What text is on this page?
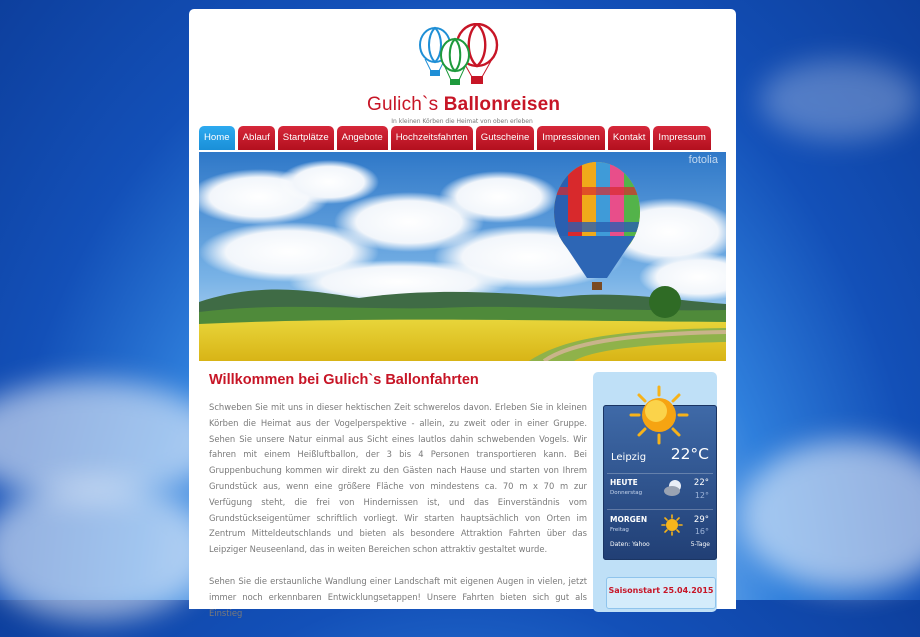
Gulich`s Ballonreisen
In kleinen Körben die Heimat von oben erleben
Home	Ablauf	Startplätze	Angebote	Hochzeitsfahrten	Gutscheine	Impressionen	Kontakt	Impressum
fotolia
Willkommen bei Gulich`s Ballonfahrten

Schweben Sie mit uns in dieser hektischen Zeit schwerelos davon. Erleben Sie in kleinen Körben die Heimat aus der Vogelperspektive - allein, zu zweit oder in einer Gruppe. Sehen Sie unsere Natur einmal aus Sicht eines lautlos dahin schwebenden Vogels. Wir fahren mit einem Heißluftballon, der 3 bis 4 Personen transportieren kann. Bei Gruppenbuchung kommen wir direkt zu den Gästen nach Hause und starten von Ihrem Grundstück aus, wenn eine größere Fläche von mindestens ca. 70 m x 70 m zur Verfügung steht, die frei von Hindernissen ist, und das Einverständnis vom Grundstückseigentümer schriftlich vorliegt. Wir starten hauptsächlich von Orten im Zentrum Mitteldeutschlands und bieten als besondere Attraktion Fahrten über das Leipziger Neuseenland, das in weiten Bereichen schon attraktiv gestaltet wurde.

Sehen Sie die erstaunliche Wandlung einer Landschaft mit eigenen Augen in vielen, jetzt immer noch erkennbaren Entwicklungsetappen! Unsere Fahrten bieten sich gut als Einstieg

Leipzig 22°C
HEUTE
Donnerstag
22°
12°
MORGEN
Freitag
29°
16°
Daten: Yahoo	5-Tage
Saisonstart 25.04.2015
